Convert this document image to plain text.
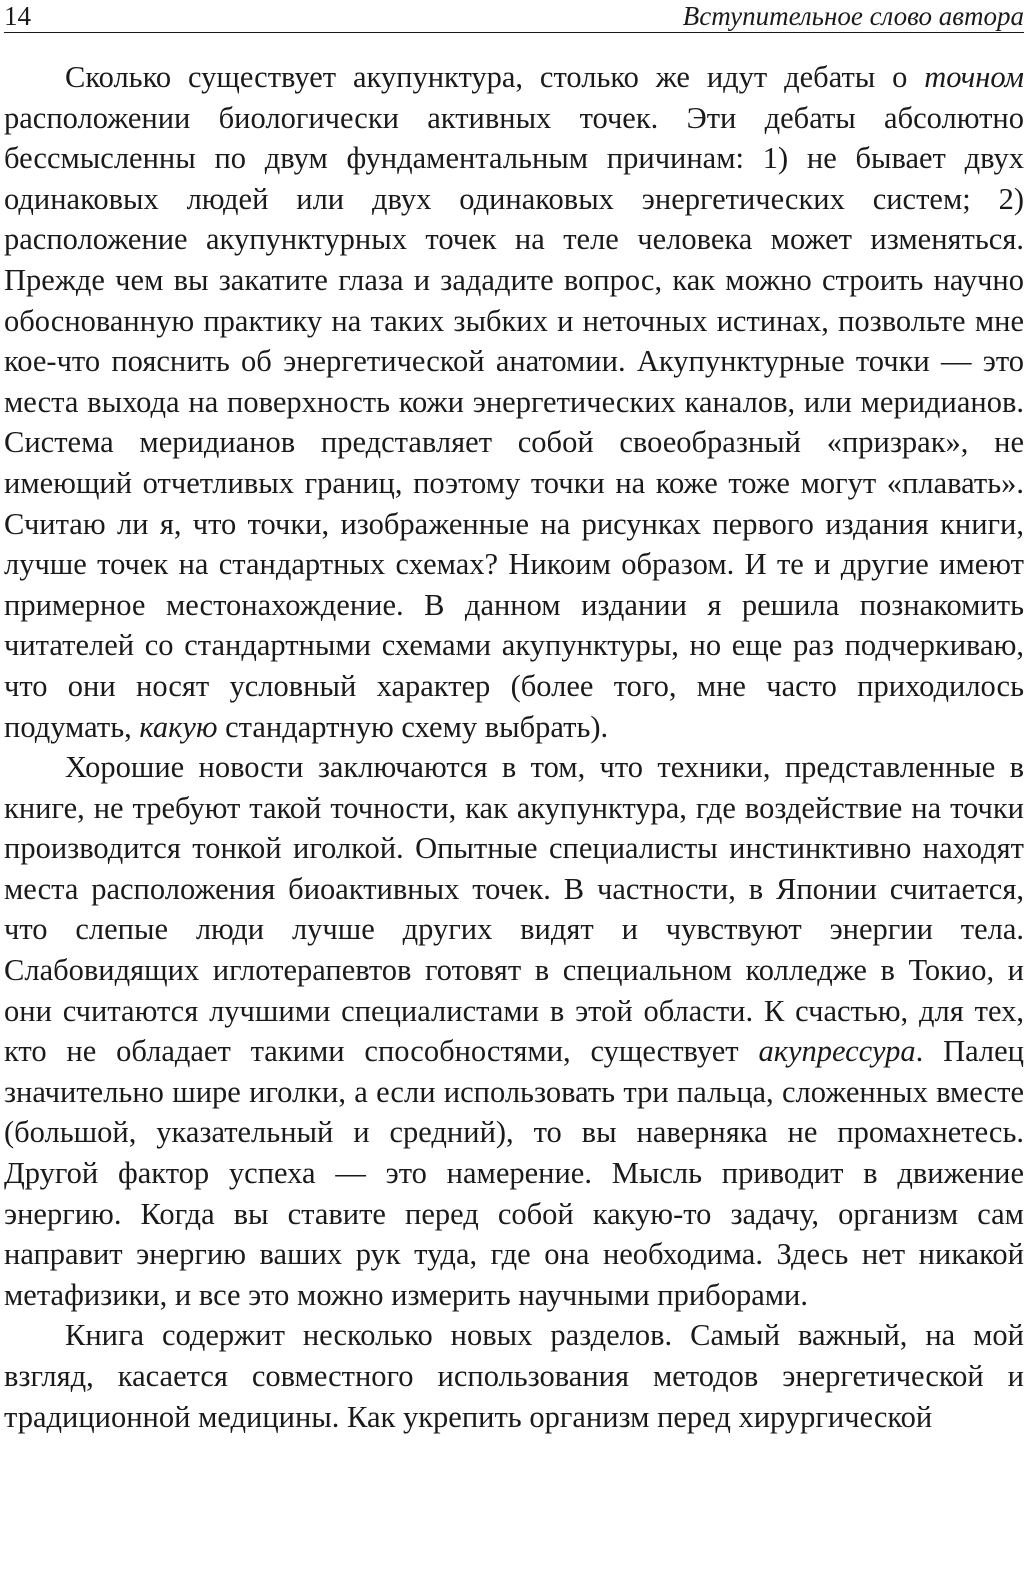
14	Вступительное слово автора

Сколько существует акупунктура, столько же идут дебаты о точном расположении биологически активных точек. Эти дебаты абсолютно бессмысленны по двум фундаментальным причинам: 1) не бывает двух одинаковых людей или двух одинаковых энергетических систем; 2) расположение акупунктурных точек на теле человека может изменяться. Прежде чем вы закатите глаза и зададите вопрос, как можно строить научно обоснованную практику на таких зыбких и неточных истинах, позвольте мне кое-что пояснить об энергетической анатомии. Акупунктурные точки — это места выхода на поверхность кожи энергетических каналов, или меридианов. Система меридианов представляет собой своеобразный «призрак», не имеющий отчетливых границ, поэтому точки на коже тоже могут «плавать». Считаю ли я, что точки, изображенные на рисунках первого издания книги, лучше точек на стандартных схемах? Никоим образом. И те и другие имеют примерное местонахождение. В данном издании я решила познакомить читателей со стандартными схемами акупунктуры, но еще раз подчеркиваю, что они носят условный характер (более того, мне часто приходилось подумать, какую стандартную схему выбрать).

Хорошие новости заключаются в том, что техники, представленные в книге, не требуют такой точности, как акупунктура, где воздействие на точки производится тонкой иголкой. Опытные специалисты инстинктивно находят места расположения биоактивных точек. В частности, в Японии считается, что слепые люди лучше других видят и чувствуют энергии тела. Слабовидящих иглотерапевтов готовят в специальном колледже в Токио, и они считаются лучшими специалистами в этой области. К счастью, для тех, кто не обладает такими способностями, существует акупрессура. Палец значительно шире иголки, а если использовать три пальца, сложенных вместе (большой, указательный и средний), то вы наверняка не промахнетесь. Другой фактор успеха — это намерение. Мысль приводит в движение энергию. Когда вы ставите перед собой какую-то задачу, организм сам направит энергию ваших рук туда, где она необходима. Здесь нет никакой метафизики, и все это можно измерить научными приборами.

Книга содержит несколько новых разделов. Самый важный, на мой взгляд, касается совместного использования методов энергетической и традиционной медицины. Как укрепить организм перед хирургической
